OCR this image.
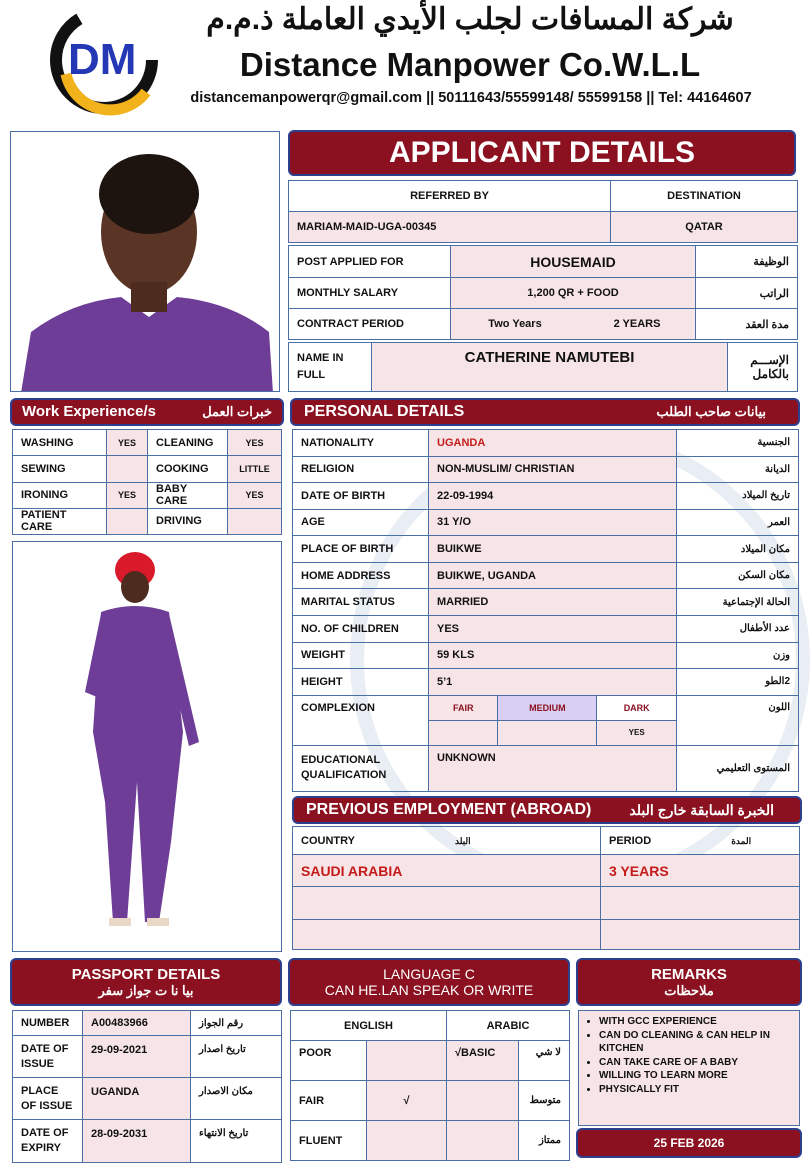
DM
شركة المسافات لجلب الأيدي العاملة ذ.م.م
Distance Manpower Co.W.L.L
distancemanpowerqr@gmail.com || 50111643/55599148/ 55599158 || Tel: 44164607
APPLICANT DETAILS
REFERRED BY	DESTINATION
MARIAM-MAID-UGA-00345	QATAR
POST APPLIED FOR	HOUSEMAID		الوظيفة
MONTHLY SALARY	1,200 QR + FOOD		الراتب
CONTRACT PERIOD	Two Years	2 YEARS	مدة العقد
NAME IN FULL	CATHERINE NAMUTEBI	الإســـم بالكامل
Work Experience/s	خبرات العمل
WASHING	YES	CLEANING	YES
SEWING		COOKING	LITTLE
IRONING	YES	BABY CARE	YES
PATIENT CARE		DRIVING	
PERSONAL DETAILS	بيانات صاحب الطلب
NATIONALITY	UGANDA			الجنسية
RELIGION	NON-MUSLIM/ CHRISTIAN			الديانة
DATE OF BIRTH	22-09-1994			تاريخ الميلاد
AGE	31 Y/O			العمر
PLACE OF BIRTH	BUIKWE			مكان الميلاد
HOME ADDRESS	BUIKWE, UGANDA			مكان السكن
MARITAL STATUS	MARRIED			الحالة الإجتماعية
NO. OF CHILDREN	YES			عدد الأطفال
WEIGHT	59 KLS			وزن
HEIGHT	5’1			2الطو
COMPLEXION	FAIR	MEDIUM	DARK	اللون
			YES	
EDUCATIONAL QUALIFICATION	UNKNOWN			المستوى التعليمي
PREVIOUS EMPLOYMENT (ABROAD)	الخبرة السابقة خارج البلد
COUNTRY البلد	PERIOD المدة
SAUDI ARABIA	3 YEARS

PASSPORT DETAILS
بيا نا ت جواز سفر
NUMBER	A00483966	رقم الجواز
DATE OF ISSUE	29-09-2021	تاريخ اصدار
PLACE OF ISSUE	UGANDA	مكان الاصدار
DATE OF EXPIRY	28-09-2031	تاريخ الانتهاء
LANGUAGE C
CAN HE.LAN SPEAK OR WRITE
ENGLISH		ARABIC	
POOR		√BASIC	لا شي
FAIR	√		متوسط
FLUENT			ممتاز
REMARKS
ملاحظات
• WITH GCC EXPERIENCE
• CAN DO CLEANING & CAN HELP IN KITCHEN
• CAN TAKE CARE OF A BABY
• WILLING TO LEARN MORE
• PHYSICALLY FIT
25 FEB 2026
